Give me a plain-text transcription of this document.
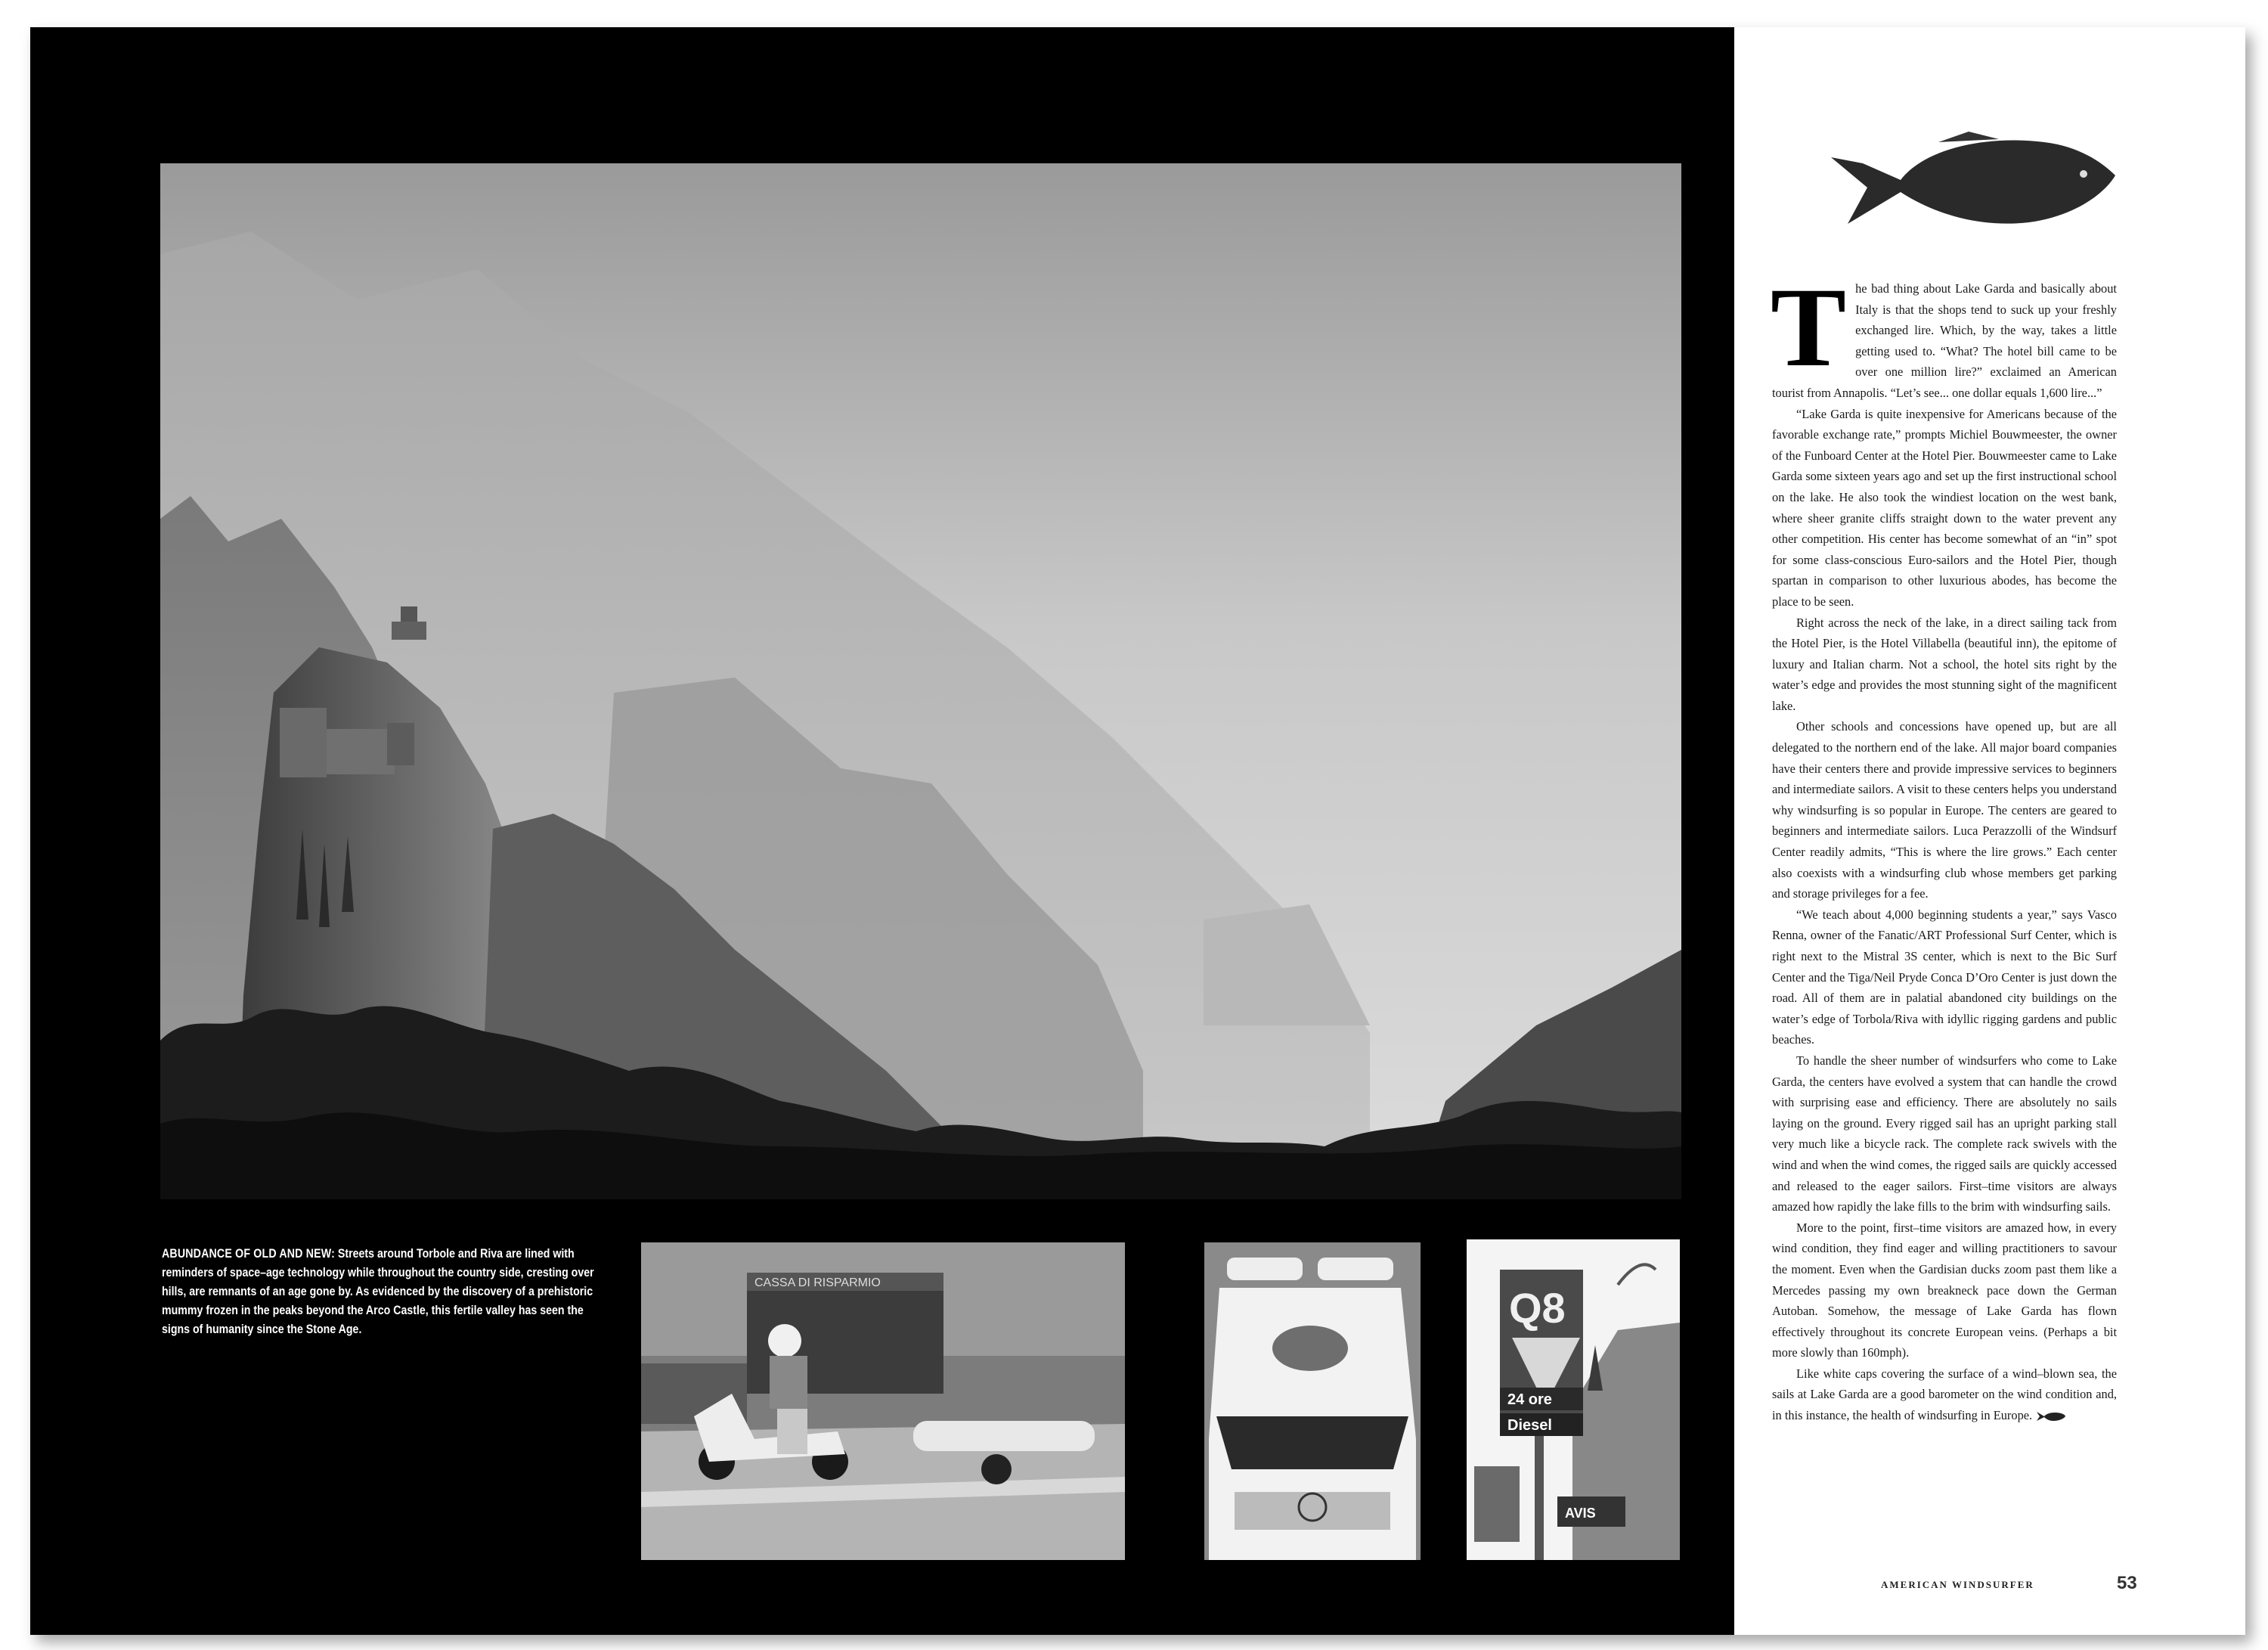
ABUNDANCE OF OLD AND NEW: Streets around Torbole and Riva are lined with reminders of space–age technology while throughout the country side, cresting over hills, are remnants of an age gone by. As evidenced by the discovery of a prehistoric mummy frozen in the peaks beyond the Arco Castle, this fertile valley has seen the signs of humanity since the Stone Age.
CASSA DI RISPARMIO
Q8
24 ore
Diesel
AVIS

The bad thing about Lake Garda and basically about Italy is that the shops tend to suck up your freshly exchanged lire. Which, by the way, takes a little getting used to. “What? The hotel bill came to be over one million lire?” exclaimed an American tourist from Annapolis. “Let’s see... one dollar equals 1,600 lire...”

“Lake Garda is quite inexpensive for Americans because of the favorable exchange rate,” prompts Michiel Bouwmeester, the owner of the Funboard Center at the Hotel Pier. Bouwmeester came to Lake Garda some sixteen years ago and set up the first instructional school on the lake. He also took the windiest location on the west bank, where sheer granite cliffs straight down to the water prevent any other competition. His center has become somewhat of an “in” spot for some class-conscious Euro-sailors and the Hotel Pier, though spartan in comparison to other luxurious abodes, has become the place to be seen.

Right across the neck of the lake, in a direct sailing tack from the Hotel Pier, is the Hotel Villabella (beautiful inn), the epitome of luxury and Italian charm. Not a school, the hotel sits right by the water’s edge and provides the most stunning sight of the magnificent lake.

Other schools and concessions have opened up, but are all delegated to the northern end of the lake. All major board companies have their centers there and provide impressive services to beginners and intermediate sailors. A visit to these centers helps you understand why windsurfing is so popular in Europe. The centers are geared to beginners and intermediate sailors. Luca Perazzolli of the Windsurf Center readily admits, “This is where the lire grows.” Each center also coexists with a windsurfing club whose members get parking and storage privileges for a fee.

“We teach about 4,000 beginning students a year,” says Vasco Renna, owner of the Fanatic/ART Professional Surf Center, which is right next to the Mistral 3S center, which is next to the Bic Surf Center and the Tiga/Neil Pryde Conca D’Oro Center is just down the road. All of them are in palatial abandoned city buildings on the water’s edge of Torbola/Riva with idyllic rigging gardens and public beaches.

To handle the sheer number of windsurfers who come to Lake Garda, the centers have evolved a system that can handle the crowd with surprising ease and efficiency. There are absolutely no sails laying on the ground. Every rigged sail has an upright parking stall very much like a bicycle rack. The complete rack swivels with the wind and when the wind comes, the rigged sails are quickly accessed and released to the eager sailors. First–time visitors are always amazed how rapidly the lake fills to the brim with windsurfing sails.

More to the point, first–time visitors are amazed how, in every wind condition, they find eager and willing practitioners to savour the moment. Even when the Gardisian ducks zoom past them like a Mercedes passing my own breakneck pace down the German Autoban. Somehow, the message of Lake Garda has flown effectively throughout its concrete European veins. (Perhaps a bit more slowly than 160mph).

Like white caps covering the surface of a wind–blown sea, the sails at Lake Garda are a good barometer on the wind condition and, in this instance, the health of windsurfing in Europe.

AMERICAN WINDSURFER	53
